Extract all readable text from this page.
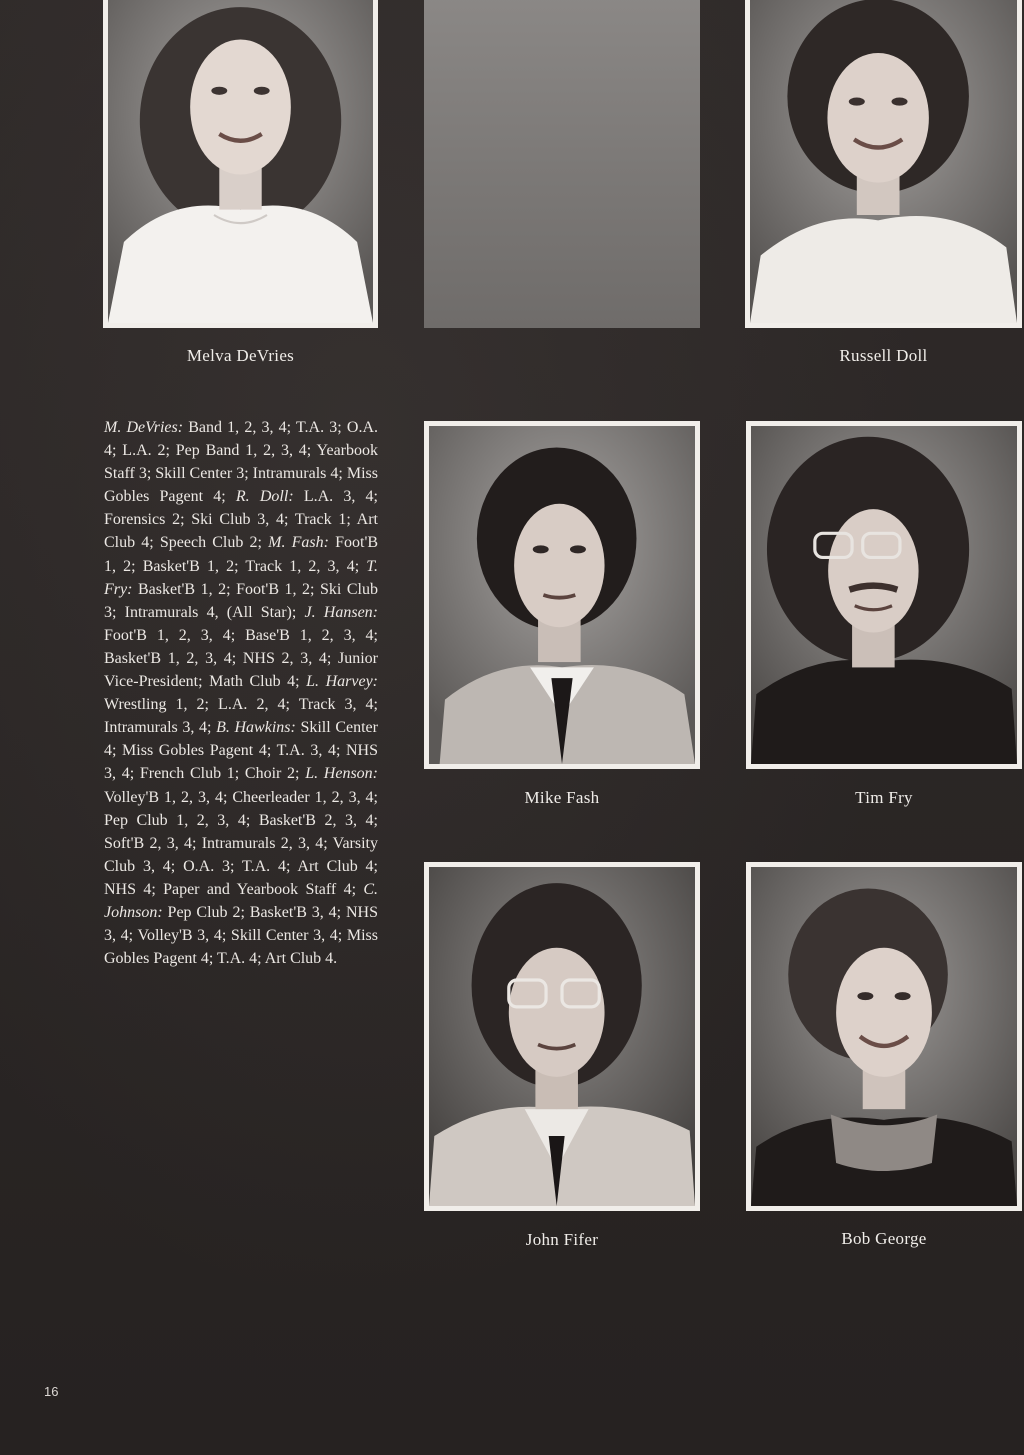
Melva DeVries	Russell Doll
Mike Fash	Tim Fry
John Fifer	Bob George
M. DeVries: Band 1, 2, 3, 4; T.A. 3; O.A. 4; L.A. 2; Pep Band 1, 2, 3, 4; Yearbook Staff 3; Skill Center 3; Intramurals 4; Miss Gobles Pagent 4; R. Doll: L.A. 3, 4; Forensics 2; Ski Club 3, 4; Track 1; Art Club 4; Speech Club 2; M. Fash: Foot'B 1, 2; Basket'B 1, 2; Track 1, 2, 3, 4; T. Fry: Basket'B 1, 2; Foot'B 1, 2; Ski Club 3; Intramurals 4, (All Star); J. Hansen: Foot'B 1, 2, 3, 4; Base'B 1, 2, 3, 4; Basket'B 1, 2, 3, 4; NHS 2, 3, 4; Junior Vice-President; Math Club 4; L. Harvey: Wrestling 1, 2; L.A. 2, 4; Track 3, 4; Intramurals 3, 4; B. Hawkins: Skill Center 4; Miss Gobles Pagent 4; T.A. 3, 4; NHS 3, 4; French Club 1; Choir 2; L. Henson: Volley'B 1, 2, 3, 4; Cheerleader 1, 2, 3, 4; Pep Club 1, 2, 3, 4; Basket'B 2, 3, 4; Soft'B 2, 3, 4; Intramurals 2, 3, 4; Varsity Club 3, 4; O.A. 3; T.A. 4; Art Club 4; NHS 4; Paper and Yearbook Staff 4; C. Johnson: Pep Club 2; Basket'B 3, 4; NHS 3, 4; Volley'B 3, 4; Skill Center 3, 4; Miss Gobles Pagent 4; T.A. 4; Art Club 4.
16
